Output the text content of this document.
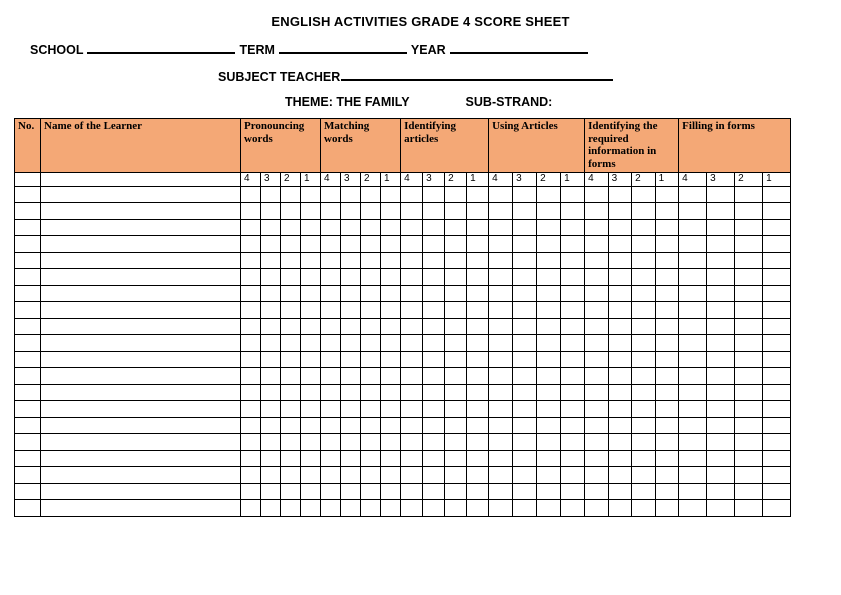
ENGLISH ACTIVITIES GRADE 4 SCORE SHEET
SCHOOL	TERM	YEAR
SUBJECT TEACHER
THEME: THE FAMILY	SUB-STRAND:
No.	Name of the Learner	Pronouncing words				Matching words				Identifying articles				Using Articles				Identifying the required information in forms				Filling in forms			
		4	3	2	1	4	3	2	1	4	3	2	1	4	3	2	1	4	3	2	1	4	3	2	1
